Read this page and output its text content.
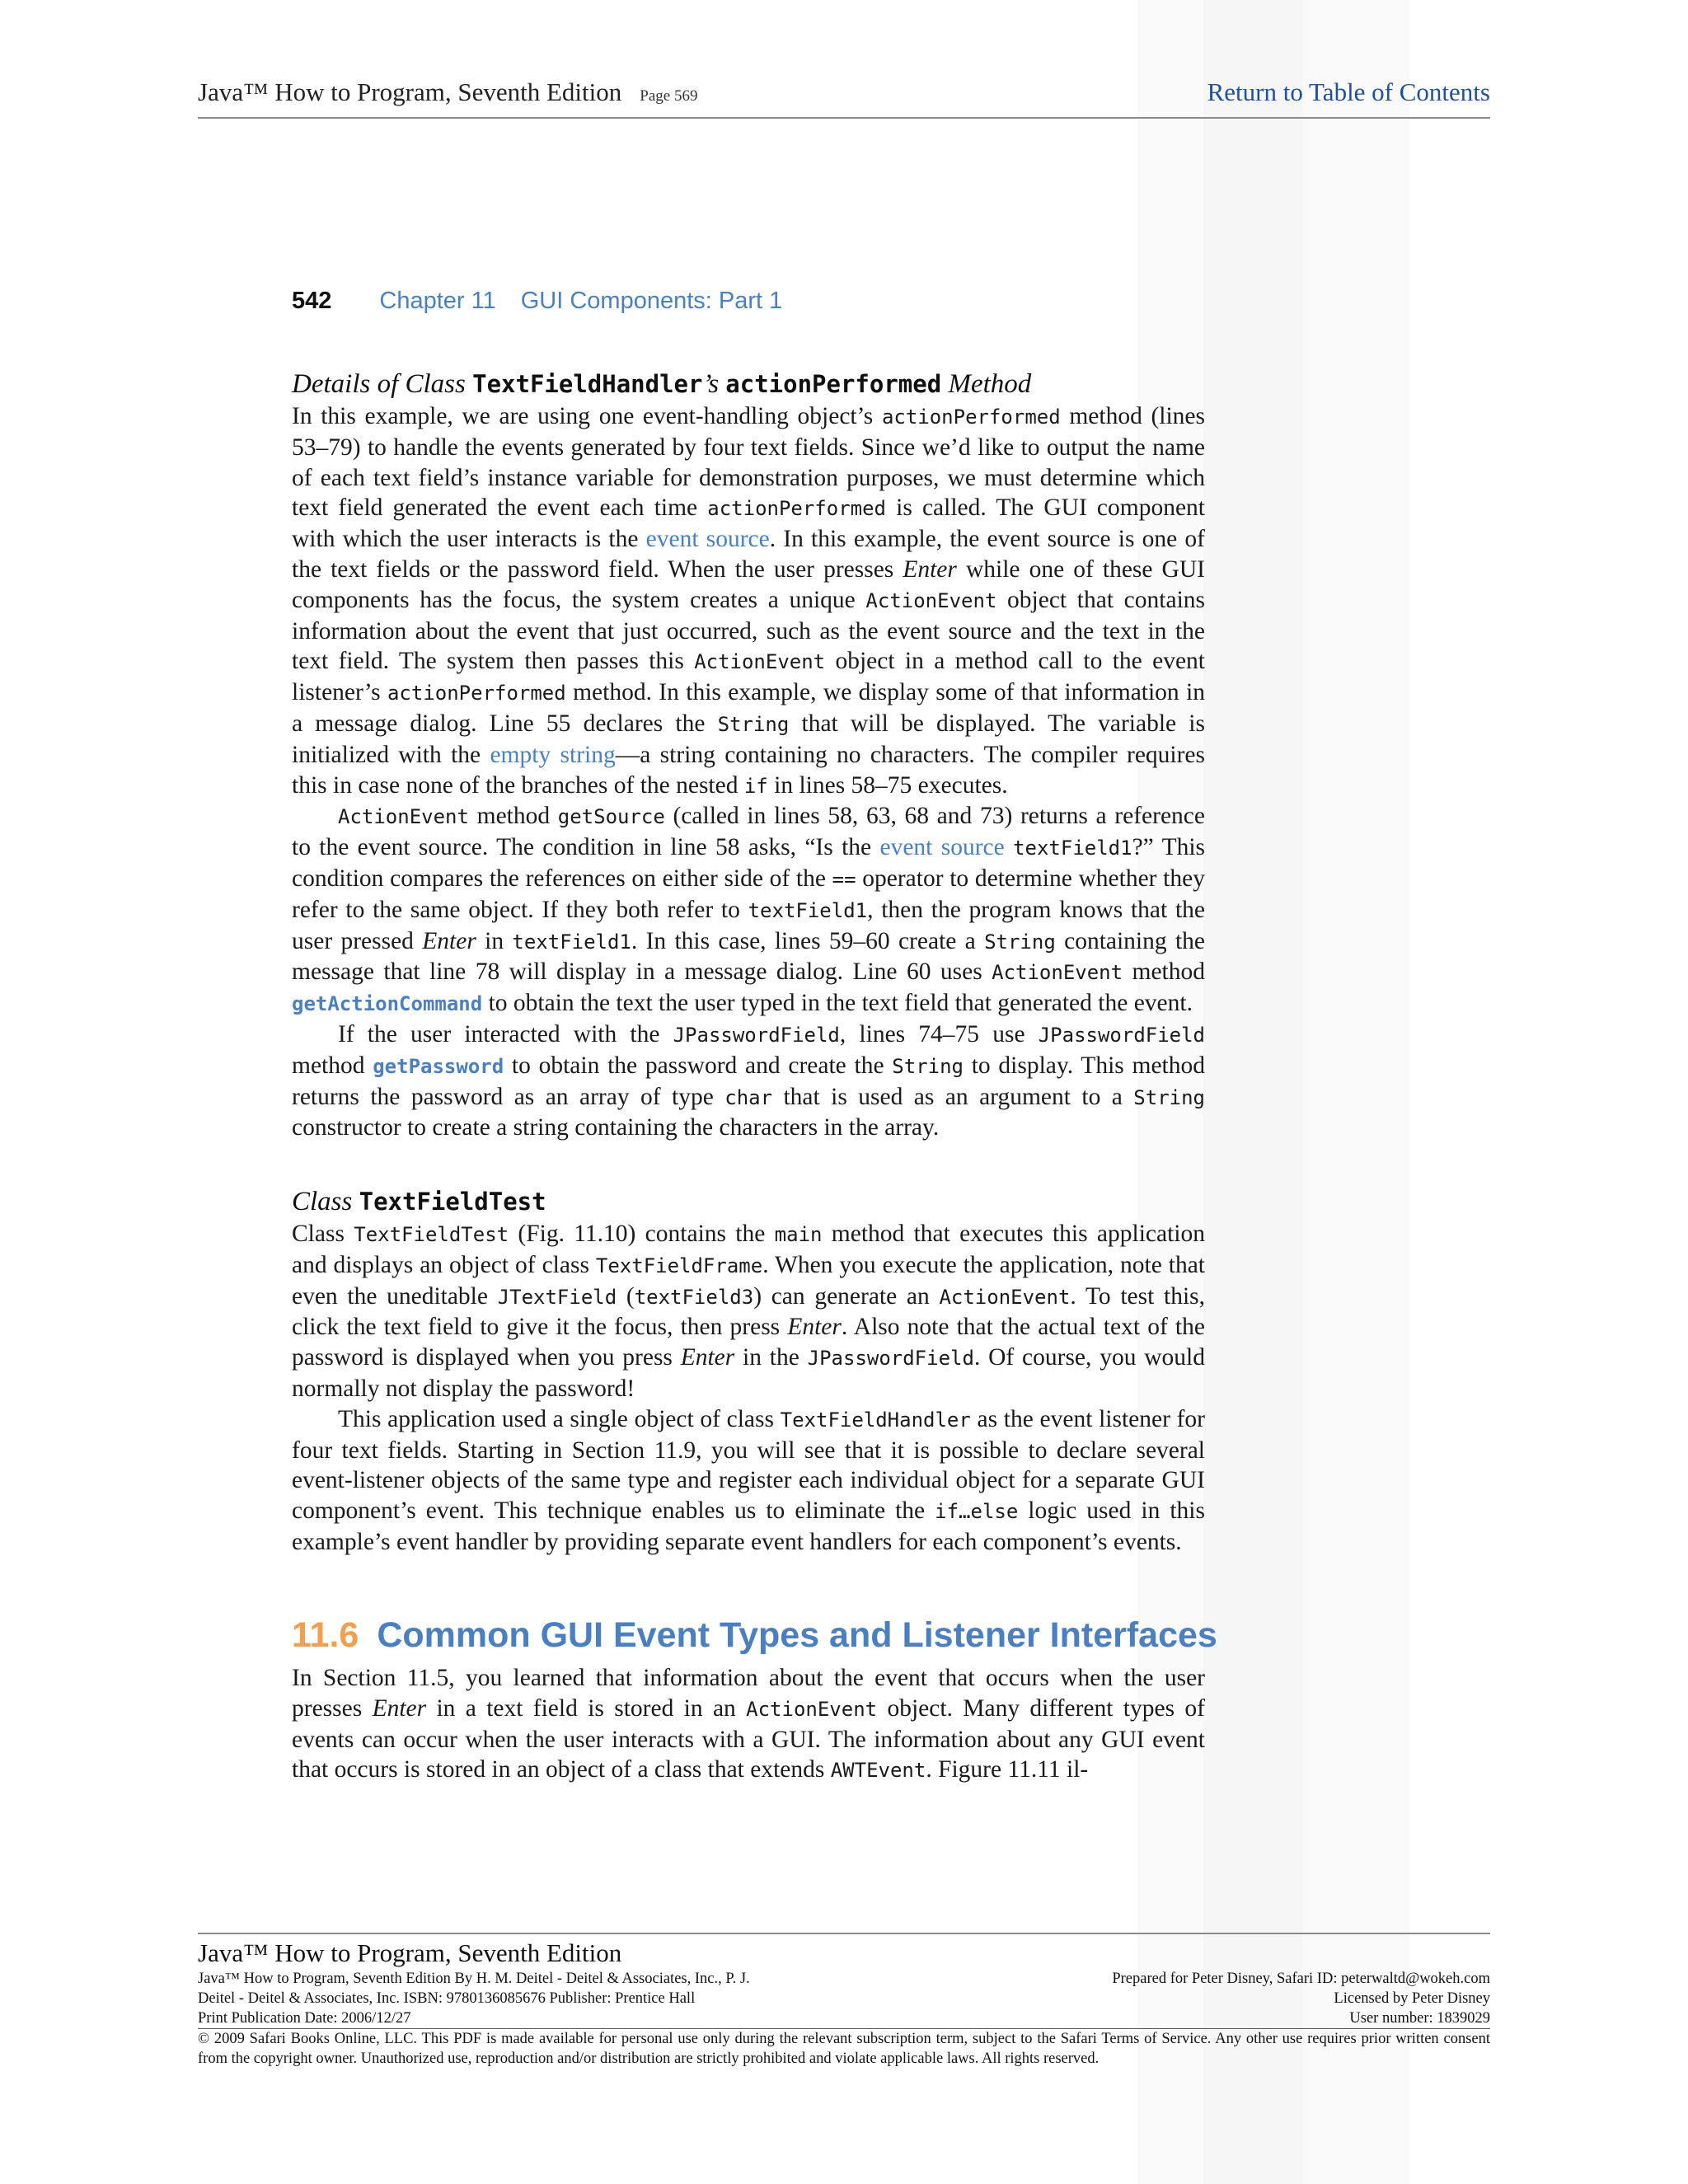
Java™ How to Program, Seventh Edition Page 569	Return to Table of Contents
542 Chapter 11 GUI Components: Part 1
Details of Class TextFieldHandler’s actionPerformed Method

In this example, we are using one event-handling object’s actionPerformed method (lines 53–79) to handle the events generated by four text fields. Since we’d like to output the name of each text field’s instance variable for demonstration purposes, we must determine which text field generated the event each time actionPerformed is called. The GUI component with which the user interacts is the event source. In this example, the event source is one of the text fields or the password field. When the user presses Enter while one of these GUI components has the focus, the system creates a unique ActionEvent object that contains information about the event that just occurred, such as the event source and the text in the text field. The system then passes this ActionEvent object in a method call to the event listener’s actionPerformed method. In this example, we display some of that information in a message dialog. Line 55 declares the String that will be displayed. The variable is initialized with the empty string—a string containing no characters. The compiler requires this in case none of the branches of the nested if in lines 58–75 executes.

ActionEvent method getSource (called in lines 58, 63, 68 and 73) returns a reference to the event source. The condition in line 58 asks, “Is the event source textField1?” This condition compares the references on either side of the == operator to determine whether they refer to the same object. If they both refer to textField1, then the program knows that the user pressed Enter in textField1. In this case, lines 59–60 create a String containing the message that line 78 will display in a message dialog. Line 60 uses ActionEvent method getActionCommand to obtain the text the user typed in the text field that generated the event.

If the user interacted with the JPasswordField, lines 74–75 use JPasswordField method getPassword to obtain the password and create the String to display. This method returns the password as an array of type char that is used as an argument to a String constructor to create a string containing the characters in the array.

Class TextFieldTest

Class TextFieldTest (Fig. 11.10) contains the main method that executes this application and displays an object of class TextFieldFrame. When you execute the application, note that even the uneditable JTextField (textField3) can generate an ActionEvent. To test this, click the text field to give it the focus, then press Enter. Also note that the actual text of the password is displayed when you press Enter in the JPasswordField. Of course, you would normally not display the password!

This application used a single object of class TextFieldHandler as the event listener for four text fields. Starting in Section 11.9, you will see that it is possible to declare several event-listener objects of the same type and register each individual object for a separate GUI component’s event. This technique enables us to eliminate the if…else logic used in this example’s event handler by providing separate event handlers for each component’s events.

11.6 Common GUI Event Types and Listener Interfaces

In Section 11.5, you learned that information about the event that occurs when the user presses Enter in a text field is stored in an ActionEvent object. Many different types of events can occur when the user interacts with a GUI. The information about any GUI event that occurs is stored in an object of a class that extends AWTEvent. Figure 11.11 il-

Java™ How to Program, Seventh Edition
Java™ How to Program, Seventh Edition By H. M. Deitel - Deitel & Associates, Inc., P. J.	Prepared for Peter Disney, Safari ID: peterwaltd@wokeh.com
Deitel - Deitel & Associates, Inc. ISBN: 9780136085676 Publisher: Prentice Hall	Licensed by Peter Disney
Print Publication Date: 2006/12/27	User number: 1839029
© 2009 Safari Books Online, LLC. This PDF is made available for personal use only during the relevant subscription term, subject to the Safari Terms of Service. Any other use requires prior written consent from the copyright owner. Unauthorized use, reproduction and/or distribution are strictly prohibited and violate applicable laws. All rights reserved.
